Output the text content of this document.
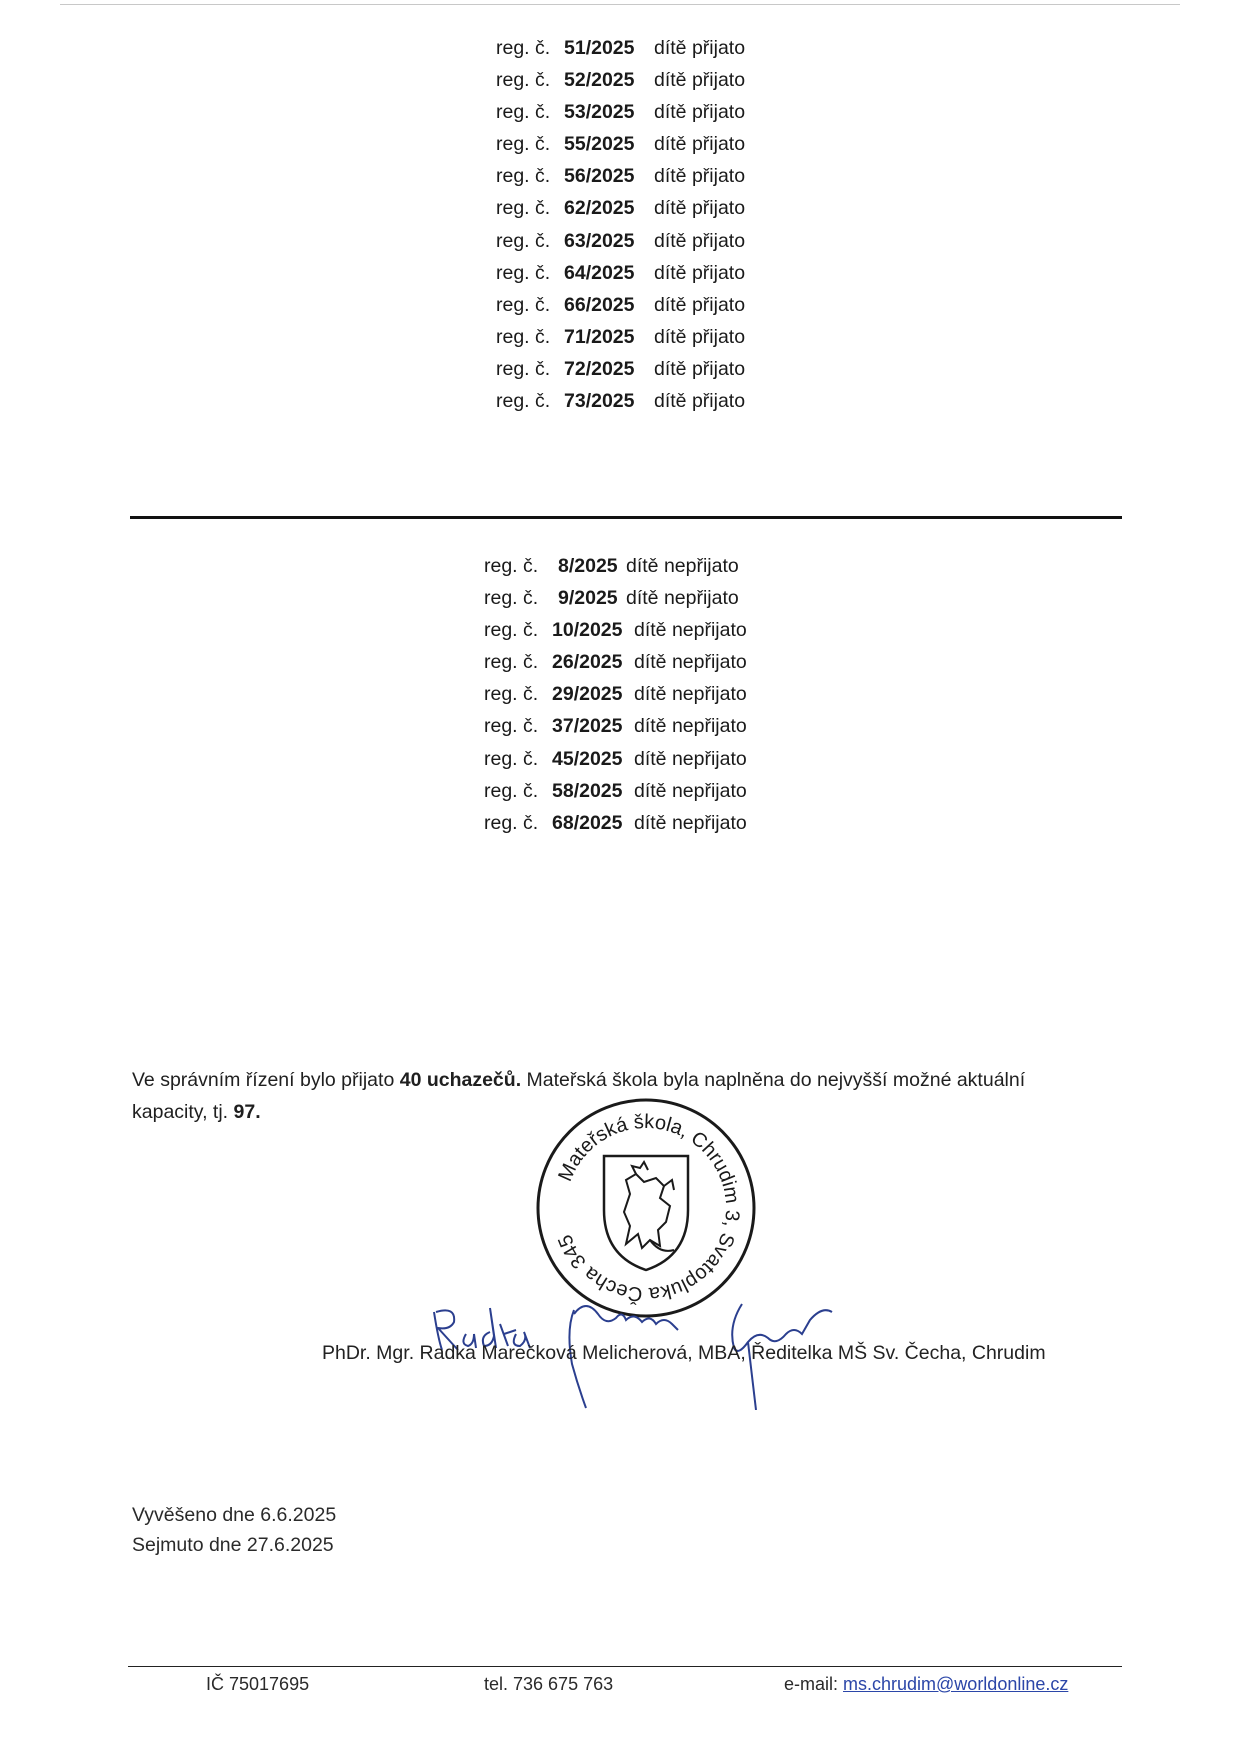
reg. č. 51/2025 dítě přijato
reg. č. 52/2025 dítě přijato
reg. č. 53/2025 dítě přijato
reg. č. 55/2025 dítě přijato
reg. č. 56/2025 dítě přijato
reg. č. 62/2025 dítě přijato
reg. č. 63/2025 dítě přijato
reg. č. 64/2025 dítě přijato
reg. č. 66/2025 dítě přijato
reg. č. 71/2025 dítě přijato
reg. č. 72/2025 dítě přijato
reg. č. 73/2025 dítě přijato
reg. č. 8/2025 dítě nepřijato
reg. č. 9/2025 dítě nepřijato
reg. č. 10/2025 dítě nepřijato
reg. č. 26/2025 dítě nepřijato
reg. č. 29/2025 dítě nepřijato
reg. č. 37/2025 dítě nepřijato
reg. č. 45/2025 dítě nepřijato
reg. č. 58/2025 dítě nepřijato
reg. č. 68/2025 dítě nepřijato

Ve správním řízení bylo přijato 40 uchazečů. Mateřská škola byla naplněna do nejvyšší možné aktuální kapacity, tj. 97.

Mateřská škola, Chrudim 3, Svatopluka Čecha 345
Radka Marečková Melicherová
PhDr. Mgr. Radka Marečková Melicherová, MBA, Ředitelka MŠ Sv. Čecha, Chrudim
Vyvěšeno dne 6.6.2025
Sejmuto dne 27.6.2025
IČ 75017695	tel. 736 675 763	e-mail: ms.chrudim@worldonline.cz
